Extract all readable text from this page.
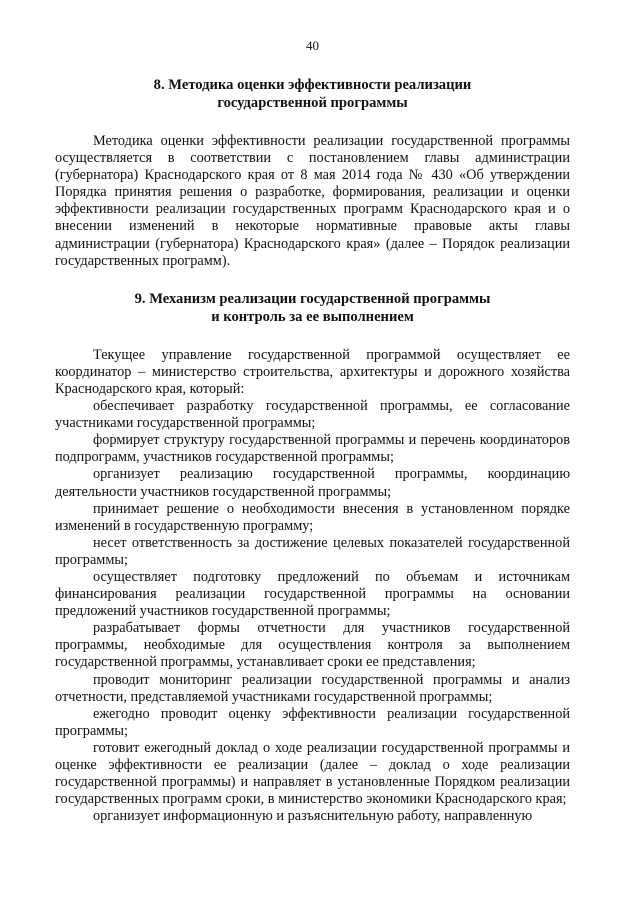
40
8. Методика оценки эффективности реализации
государственной программы

Методика оценки эффективности реализации государственной программы осуществляется в соответствии с постановлением главы администрации (губернатора) Краснодарского края от 8 мая 2014 года № 430 «Об утверждении Порядка принятия решения о разработке, формирования, реализации и оценки эффективности реализации государственных программ Краснодарского края и о внесении изменений в некоторые нормативные правовые акты главы администрации (губернатора) Краснодарского края» (далее – Порядок реализации государственных программ).

9. Механизм реализации государственной программы
и контроль за ее выполнением

Текущее управление государственной программой осуществляет ее координатор – министерство строительства, архитектуры и дорожного хозяйства Краснодарского края, который:

обеспечивает разработку государственной программы, ее согласование участниками государственной программы;

формирует структуру государственной программы и перечень координаторов подпрограмм, участников государственной программы;

организует реализацию государственной программы, координацию деятельности участников государственной программы;

принимает решение о необходимости внесения в установленном порядке изменений в государственную программу;

несет ответственность за достижение целевых показателей государственной программы;

осуществляет подготовку предложений по объемам и источникам финансирования реализации государственной программы на основании предложений участников государственной программы;

разрабатывает формы отчетности для участников государственной программы, необходимые для осуществления контроля за выполнением государственной программы, устанавливает сроки ее представления;

проводит мониторинг реализации государственной программы и анализ отчетности, представляемой участниками государственной программы;

ежегодно проводит оценку эффективности реализации государственной программы;

готовит ежегодный доклад о ходе реализации государственной программы и оценке эффективности ее реализации (далее – доклад о ходе реализации государственной программы) и направляет в установленные Порядком реализации государственных программ сроки, в министерство экономики Краснодарского края;

организует информационную и разъяснительную работу, направленную
